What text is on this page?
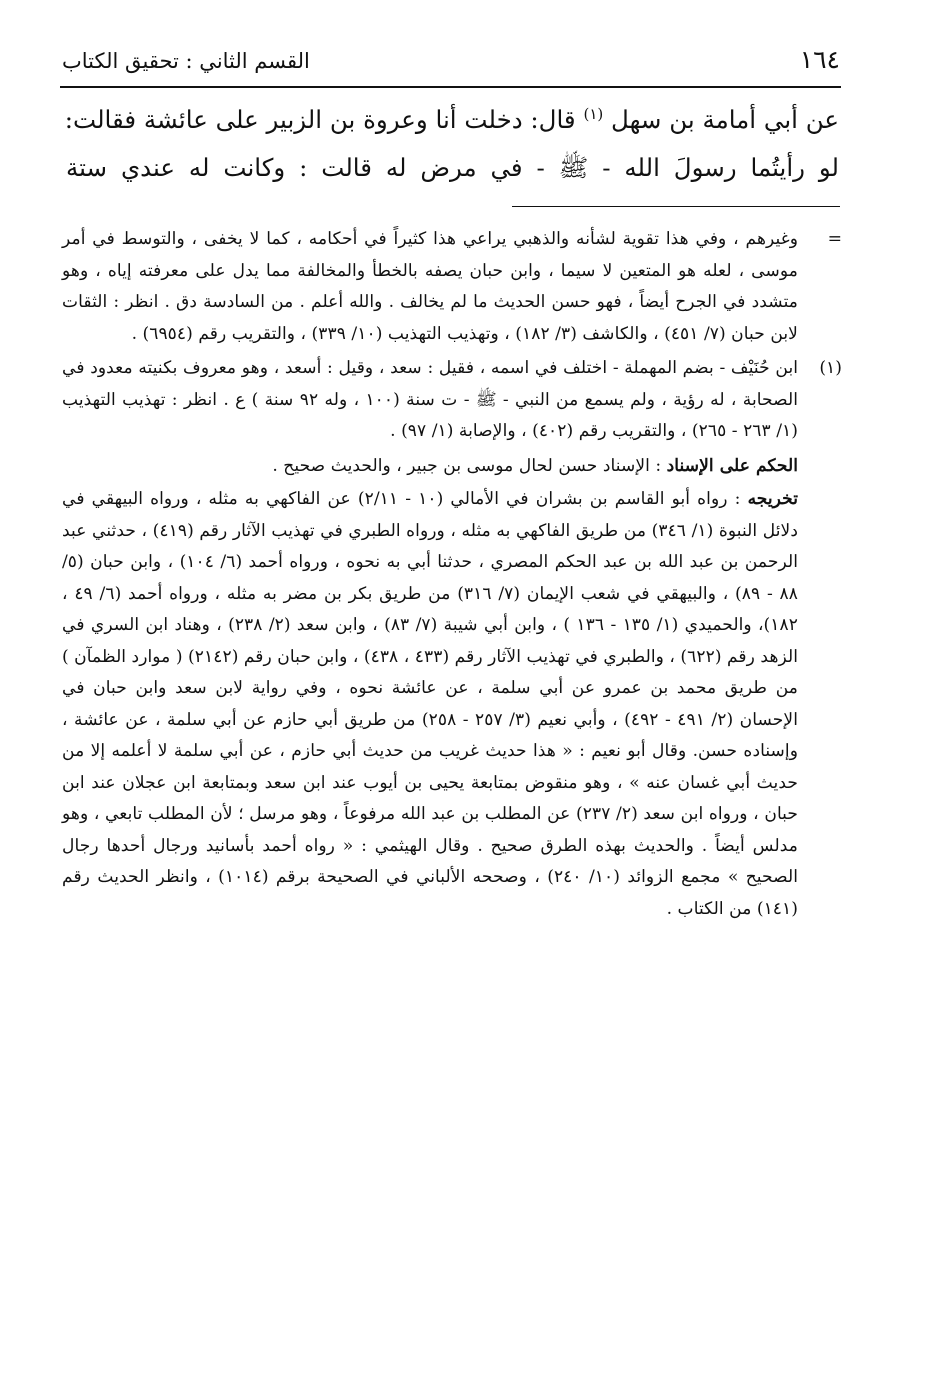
١٦٤
القسم الثاني : تحقيق الكتاب

عن أبي أمامة بن سهل $^{(١)}$ قال: دخلت أنا وعروة بن الزبير على عائشة فقالت:

لو رأيتُما رسولَ الله - ﷺ - في مرض له قالت : وكانت له عندي ستة

=

وغيرهم ، وفي هذا تقوية لشأنه والذهبي يراعي هذا كثيراً في أحكامه ، كما لا يخفى ، والتوسط في أمر موسى ، لعله هو المتعين لا سيما ، وابن حبان يصفه بالخطأ والمخالفة مما يدل على معرفته إياه ، وهو متشدد في الجرح أيضاً ، فهو حسن الحديث ما لم يخالف . والله أعلم . من السادسة دق . انظر : الثقات لابن حبان (٧/ ٤٥١) ، والكاشف (٣/ ١٨٢) ، وتهذيب التهذيب (١٠/ ٣٣٩) ، والتقريب رقم (٦٩٥٤) .

(١)

ابن حُنَيْف - بضم المهملة - اختلف في اسمه ، فقيل : سعد ، وقيل : أسعد ، وهو معروف بكنيته معدود في الصحابة ، له رؤية ، ولم يسمع من النبي - ﷺ - ت سنة (١٠٠ ، وله ٩٢ سنة ) ع . انظر : تهذيب التهذيب (١/ ٢٦٣ - ٢٦٥) ، والتقريب رقم (٤٠٢) ، والإصابة (١/ ٩٧) .

الحكم على الإسناد : الإسناد حسن لحال موسى بن جبير ، والحديث صحيح .

تخريجه : رواه أبو القاسم بن بشران في الأمالي (١٠ - ٢/١١) عن الفاكهي به مثله ، ورواه البيهقي في دلائل النبوة (١/ ٣٤٦) من طريق الفاكهي به مثله ، ورواه الطبري في تهذيب الآثار رقم (٤١٩) ، حدثني عبد الرحمن بن عبد الله بن عبد الحكم المصري ، حدثنا أبي به نحوه ، ورواه أحمد (٦/ ١٠٤) ، وابن حبان (٥/ ٨٨ - ٨٩) ، والبيهقي في شعب الإيمان (٧/ ٣١٦) من طريق بكر بن مضر به مثله ، ورواه أحمد (٦/ ٤٩ ، ١٨٢)، والحميدي (١/ ١٣٥ - ١٣٦ ) ، وابن أبي شيبة (٧/ ٨٣) ، وابن سعد (٢/ ٢٣٨) ، وهناد ابن السري في الزهد رقم (٦٢٢) ، والطبري في تهذيب الآثار رقم (٤٣٣ ، ٤٣٨) ، وابن حبان رقم (٢١٤٢) ( موارد الظمآن ) من طريق محمد بن عمرو عن أبي سلمة ، عن عائشة نحوه ، وفي رواية لابن سعد وابن حبان في الإحسان (٢/ ٤٩١ - ٤٩٢) ، وأبي نعيم (٣/ ٢٥٧ - ٢٥٨) من طريق أبي حازم عن أبي سلمة ، عن عائشة ، وإسناده حسن. وقال أبو نعيم : « هذا حديث غريب من حديث أبي حازم ، عن أبي سلمة لا أعلمه إلا من حديث أبي غسان عنه » ، وهو منقوض بمتابعة يحيى بن أيوب عند ابن سعد وبمتابعة ابن عجلان عند ابن حبان ، ورواه ابن سعد (٢/ ٢٣٧) عن المطلب بن عبد الله مرفوعاً ، وهو مرسل ؛ لأن المطلب تابعي ، وهو مدلس أيضاً . والحديث بهذه الطرق صحيح . وقال الهيثمي : « رواه أحمد بأسانيد ورجال أحدها رجال الصحيح » مجمع الزوائد (١٠/ ٢٤٠) ، وصححه الألباني في الصحيحة برقم (١٠١٤) ، وانظر الحديث رقم (١٤١) من الكتاب .
